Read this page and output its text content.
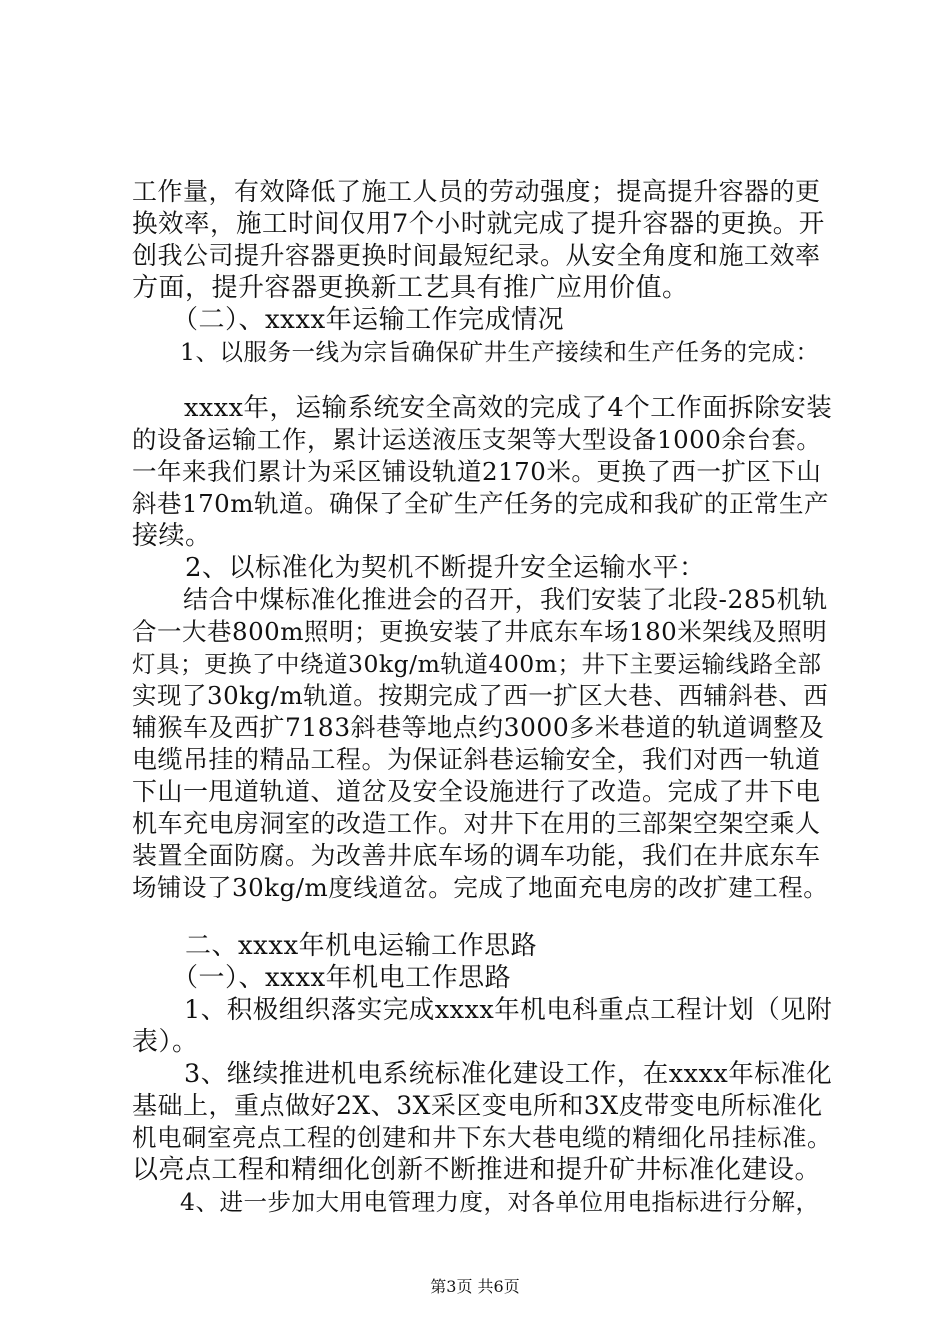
工作量，有效降低了施工人员的劳动强度；提高提升容器的更
换效率，施工时间仅用7个小时就完成了提升容器的更换。开
创我公司提升容器更换时间最短纪录。从安全角度和施工效率
方面，提升容器更换新工艺具有推广应用价值。
　　（二）、xxxx年运输工作完成情况
　　1、以服务一线为宗旨确保矿井生产接续和生产任务的完成：
　　xxxx年，运输系统安全高效的完成了4个工作面拆除安装
的设备运输工作，累计运送液压支架等大型设备1000余台套。
一年来我们累计为采区铺设轨道2170米。更换了西一扩区下山
斜巷170m轨道。确保了全矿生产任务的完成和我矿的正常生产
接续。
　　2、以标准化为契机不断提升安全运输水平：
　　结合中煤标准化推进会的召开，我们安装了北段-285机轨
合一大巷800m照明；更换安装了井底东车场180米架线及照明
灯具；更换了中绕道30kg/m轨道400m；井下主要运输线路全部
实现了30kg/m轨道。按期完成了西一扩区大巷、西辅斜巷、西
辅猴车及西扩7183斜巷等地点约3000多米巷道的轨道调整及
电缆吊挂的精品工程。为保证斜巷运输安全，我们对西一轨道
下山一甩道轨道、道岔及安全设施进行了改造。完成了井下电
机车充电房洞室的改造工作。对井下在用的三部架空架空乘人
装置全面防腐。为改善井底车场的调车功能，我们在井底东车
场铺设了30kg/m度线道岔。完成了地面充电房的改扩建工程。
　　二、xxxx年机电运输工作思路
　　（一）、xxxx年机电工作思路
　　1、积极组织落实完成xxxx年机电科重点工程计划（见附
表）。
　　3、继续推进机电系统标准化建设工作，在xxxx年标准化
基础上，重点做好2X、3X采区变电所和3X皮带变电所标准化
机电硐室亮点工程的创建和井下东大巷电缆的精细化吊挂标准。
以亮点工程和精细化创新不断推进和提升矿井标准化建设。
　　4、进一步加大用电管理力度，对各单位用电指标进行分解，
第3页 共6页
